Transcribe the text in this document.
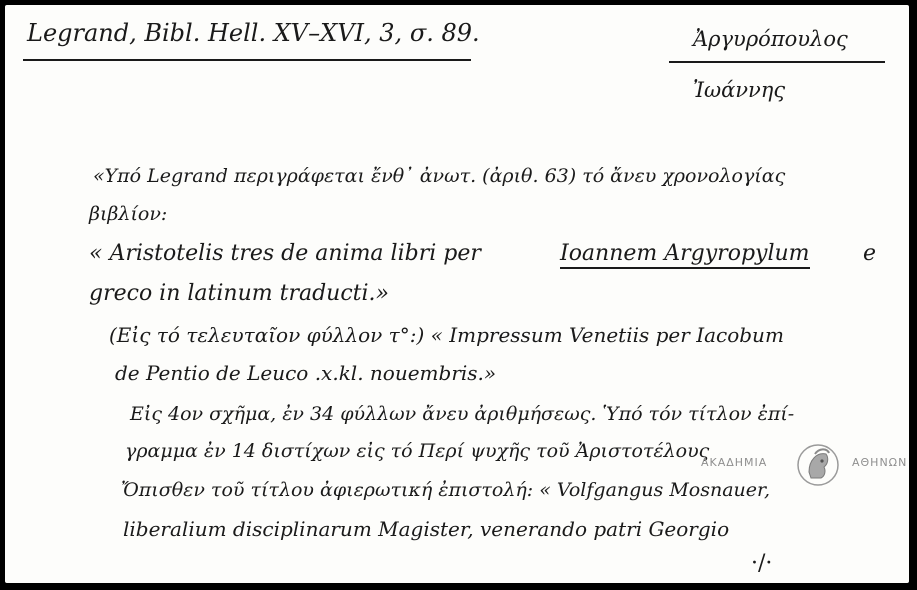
Legrand, Bibl. Hell. XV–XVI, 3, σ. 89.	Ἀργυρόπουλος
Ἰωάννης
«Υπό Legrand περιγράφεται ἔνθ᾽ ἀνωτ. (ἀριθ. 63) τό ἄνευ χρονολογίας
βιβλίον:
« Aristotelis tres de anima libri per	Ioannem Argyropylum e
greco in latinum traducti.»
(Εἰς τό τελευταῖον φύλλον τ°:) « Impressum Venetiis per Iacobum
de Pentio de Leuco .x.kl. nouembris.»
Εἰς 4ον σχῆμα, ἐν 34 φύλλων ἄνευ ἀριθμήσεως. Ὑπό τόν τίτλον ἐπί-
γραμμα ἐν 14 διστίχων εἰς τό Περί ψυχῆς τοῦ Ἀριστοτέλους
Ὄπισθεν τοῦ τίτλου ἀφιερωτική ἐπιστολή: « Volfgangus Mosnauer,
liberalium disciplinarum Magister, venerando patri Georgio
·/·
ΑΚΑΔΗΜΙΑ	ΑΘΗΝΩΝ
